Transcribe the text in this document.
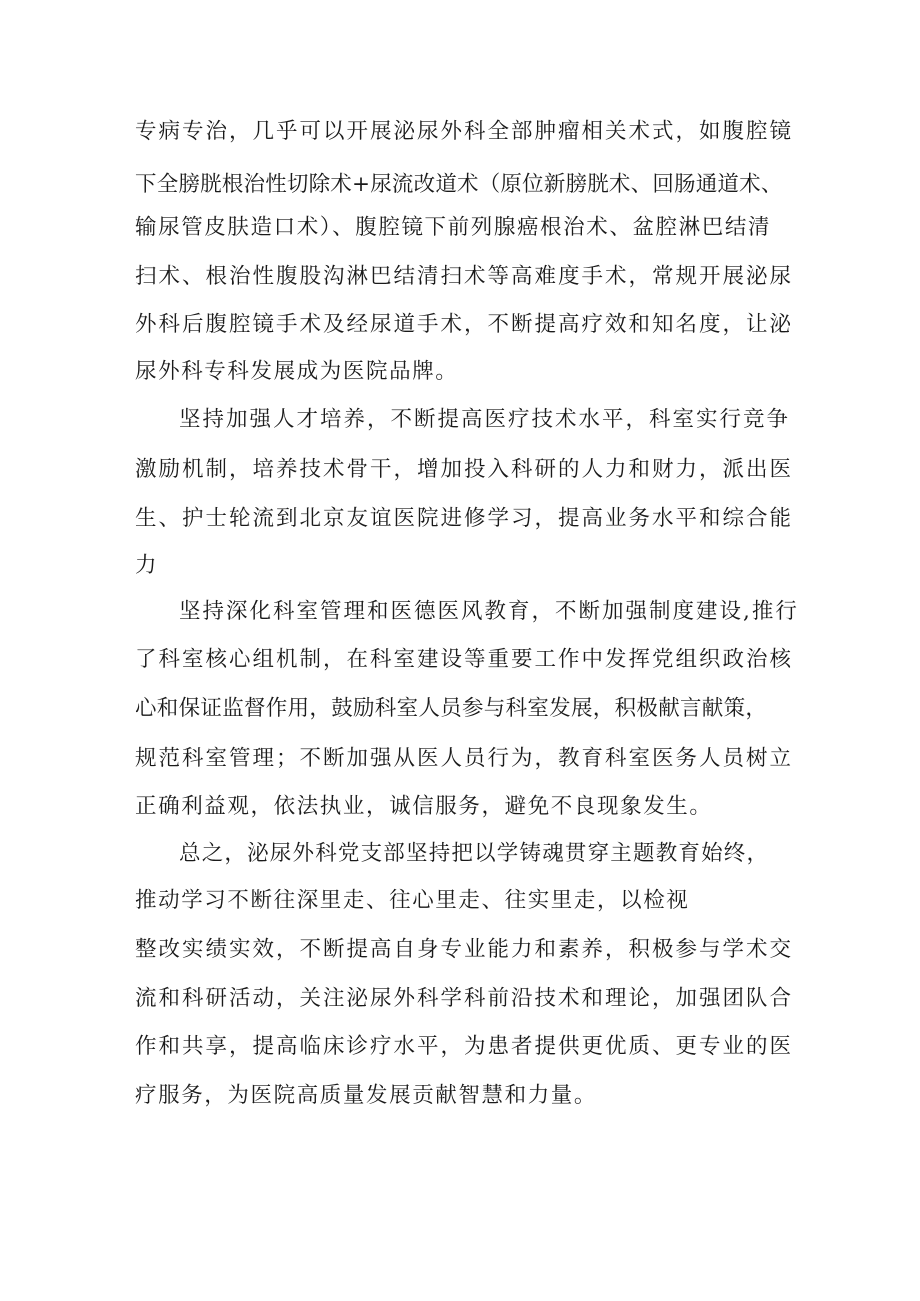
专病专治，几乎可以开展泌尿外科全部肿瘤相关术式，如腹腔镜
下全膀胱根治性切除术+尿流改道术（原位新膀胱术、回肠通道术、
输尿管皮肤造口术）、腹腔镜下前列腺癌根治术、盆腔淋巴结清
扫术、根治性腹股沟淋巴结清扫术等高难度手术，常规开展泌尿
外科后腹腔镜手术及经尿道手术，不断提高疗效和知名度，让泌
尿外科专科发展成为医院品牌。
坚持加强人才培养，不断提高医疗技术水平，科室实行竞争
激励机制，培养技术骨干，增加投入科研的人力和财力，派出医
生、护士轮流到北京友谊医院进修学习，提高业务水平和综合能
力
坚持深化科室管理和医德医风教育，不断加强制度建设,推行
了科室核心组机制，在科室建设等重要工作中发挥党组织政治核
心和保证监督作用，鼓励科室人员参与科室发展，积极献言献策，
规范科室管理；不断加强从医人员行为，教育科室医务人员树立
正确利益观，依法执业，诚信服务，避免不良现象发生。
总之，泌尿外科党支部坚持把以学铸魂贯穿主题教育始终，
推动学习不断往深里走、往心里走、往实里走，以检视
整改实绩实效，不断提高自身专业能力和素养，积极参与学术交
流和科研活动，关注泌尿外科学科前沿技术和理论，加强团队合
作和共享，提高临床诊疗水平，为患者提供更优质、更专业的医
疗服务，为医院高质量发展贡献智慧和力量。
